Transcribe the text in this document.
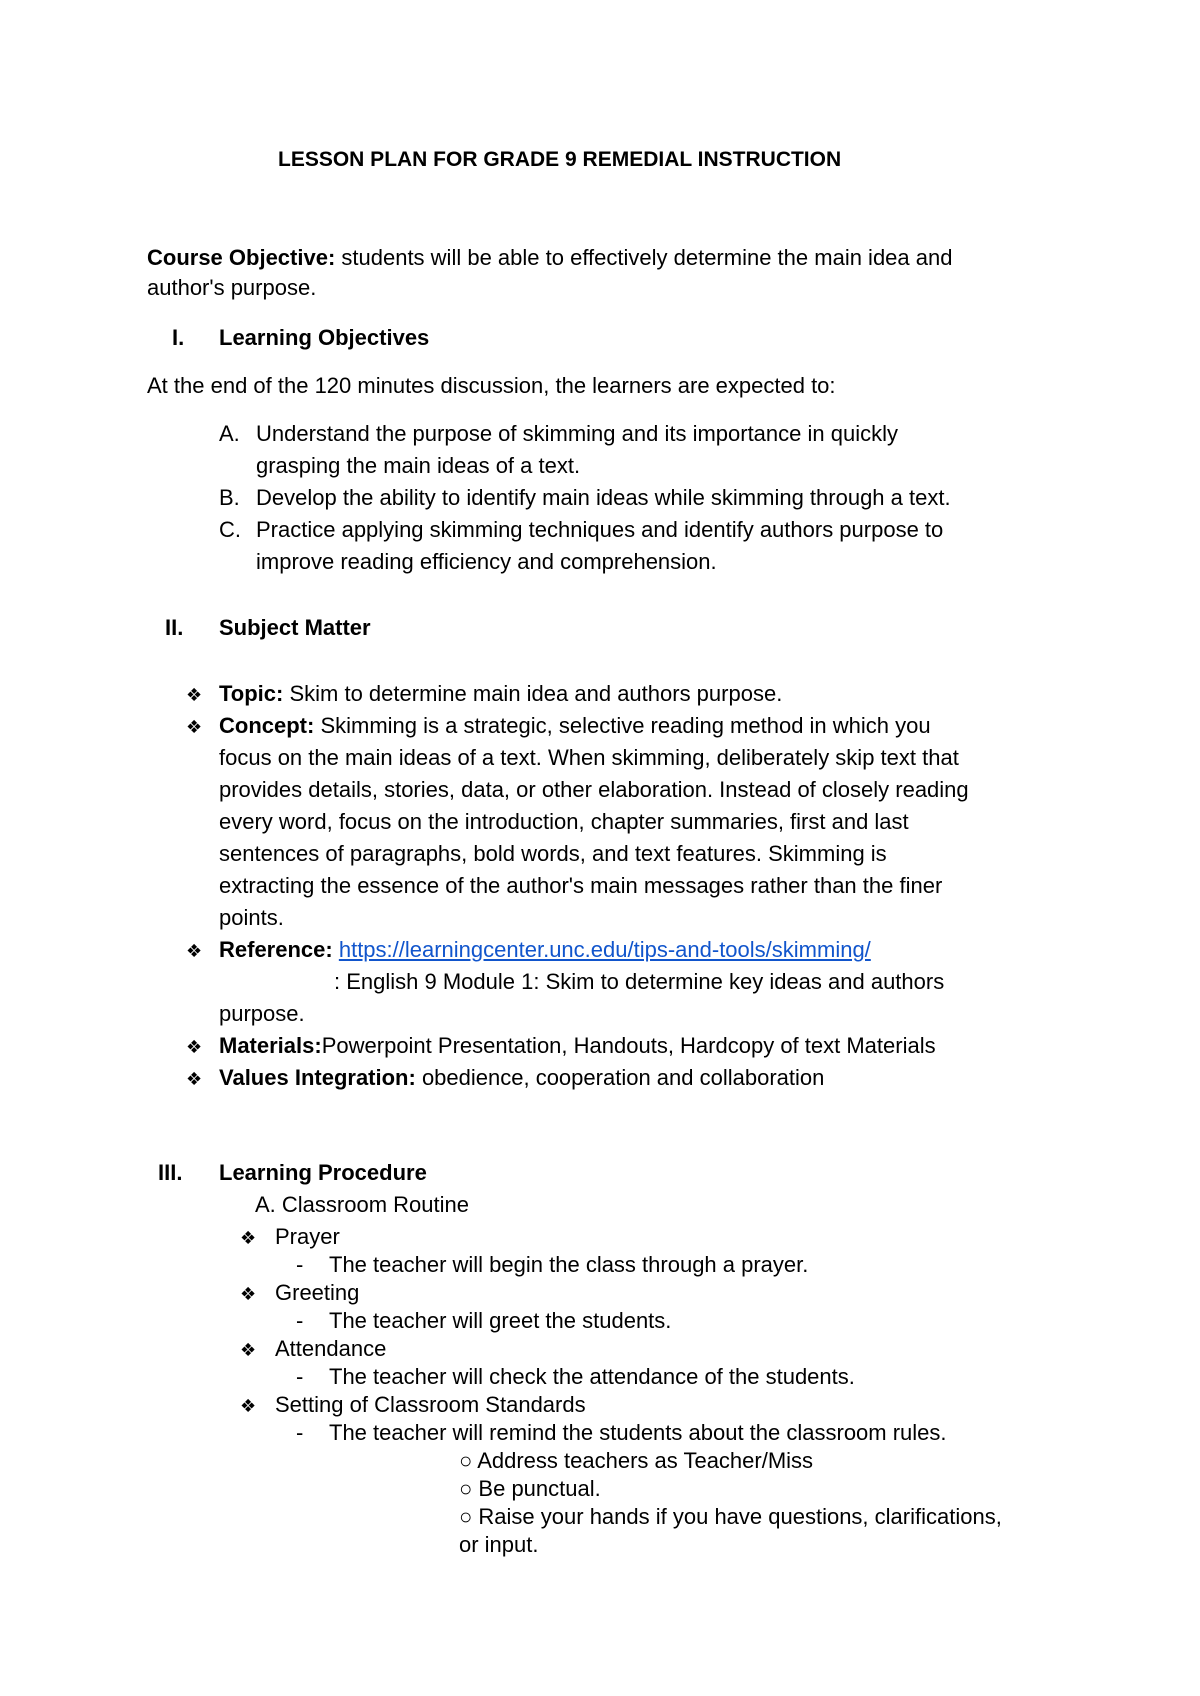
LESSON PLAN FOR GRADE 9 REMEDIAL INSTRUCTION
Course Objective: students will be able to effectively determine the main idea and
author's purpose.
I. Learning Objectives
At the end of the 120 minutes discussion, the learners are expected to:
A. Understand the purpose of skimming and its importance in quickly
grasping the main ideas of a text.
B. Develop the ability to identify main ideas while skimming through a text.
C. Practice applying skimming techniques and identify authors purpose to
improve reading efficiency and comprehension.
II. Subject Matter
❖ Topic: Skim to determine main idea and authors purpose.
❖ Concept: Skimming is a strategic, selective reading method in which you
focus on the main ideas of a text. When skimming, deliberately skip text that
provides details, stories, data, or other elaboration. Instead of closely reading
every word, focus on the introduction, chapter summaries, first and last
sentences of paragraphs, bold words, and text features. Skimming is
extracting the essence of the author's main messages rather than the finer
points.
❖ Reference: https://learningcenter.unc.edu/tips-and-tools/skimming/
: English 9 Module 1: Skim to determine key ideas and authors
purpose.
❖ Materials:Powerpoint Presentation, Handouts, Hardcopy of text Materials
❖ Values Integration: obedience, cooperation and collaboration
III. Learning Procedure
A. Classroom Routine
❖ Prayer
- The teacher will begin the class through a prayer.
❖ Greeting
- The teacher will greet the students.
❖ Attendance
- The teacher will check the attendance of the students.
❖ Setting of Classroom Standards
- The teacher will remind the students about the classroom rules.
○ Address teachers as Teacher/Miss
○ Be punctual.
○ Raise your hands if you have questions, clarifications,
or input.
